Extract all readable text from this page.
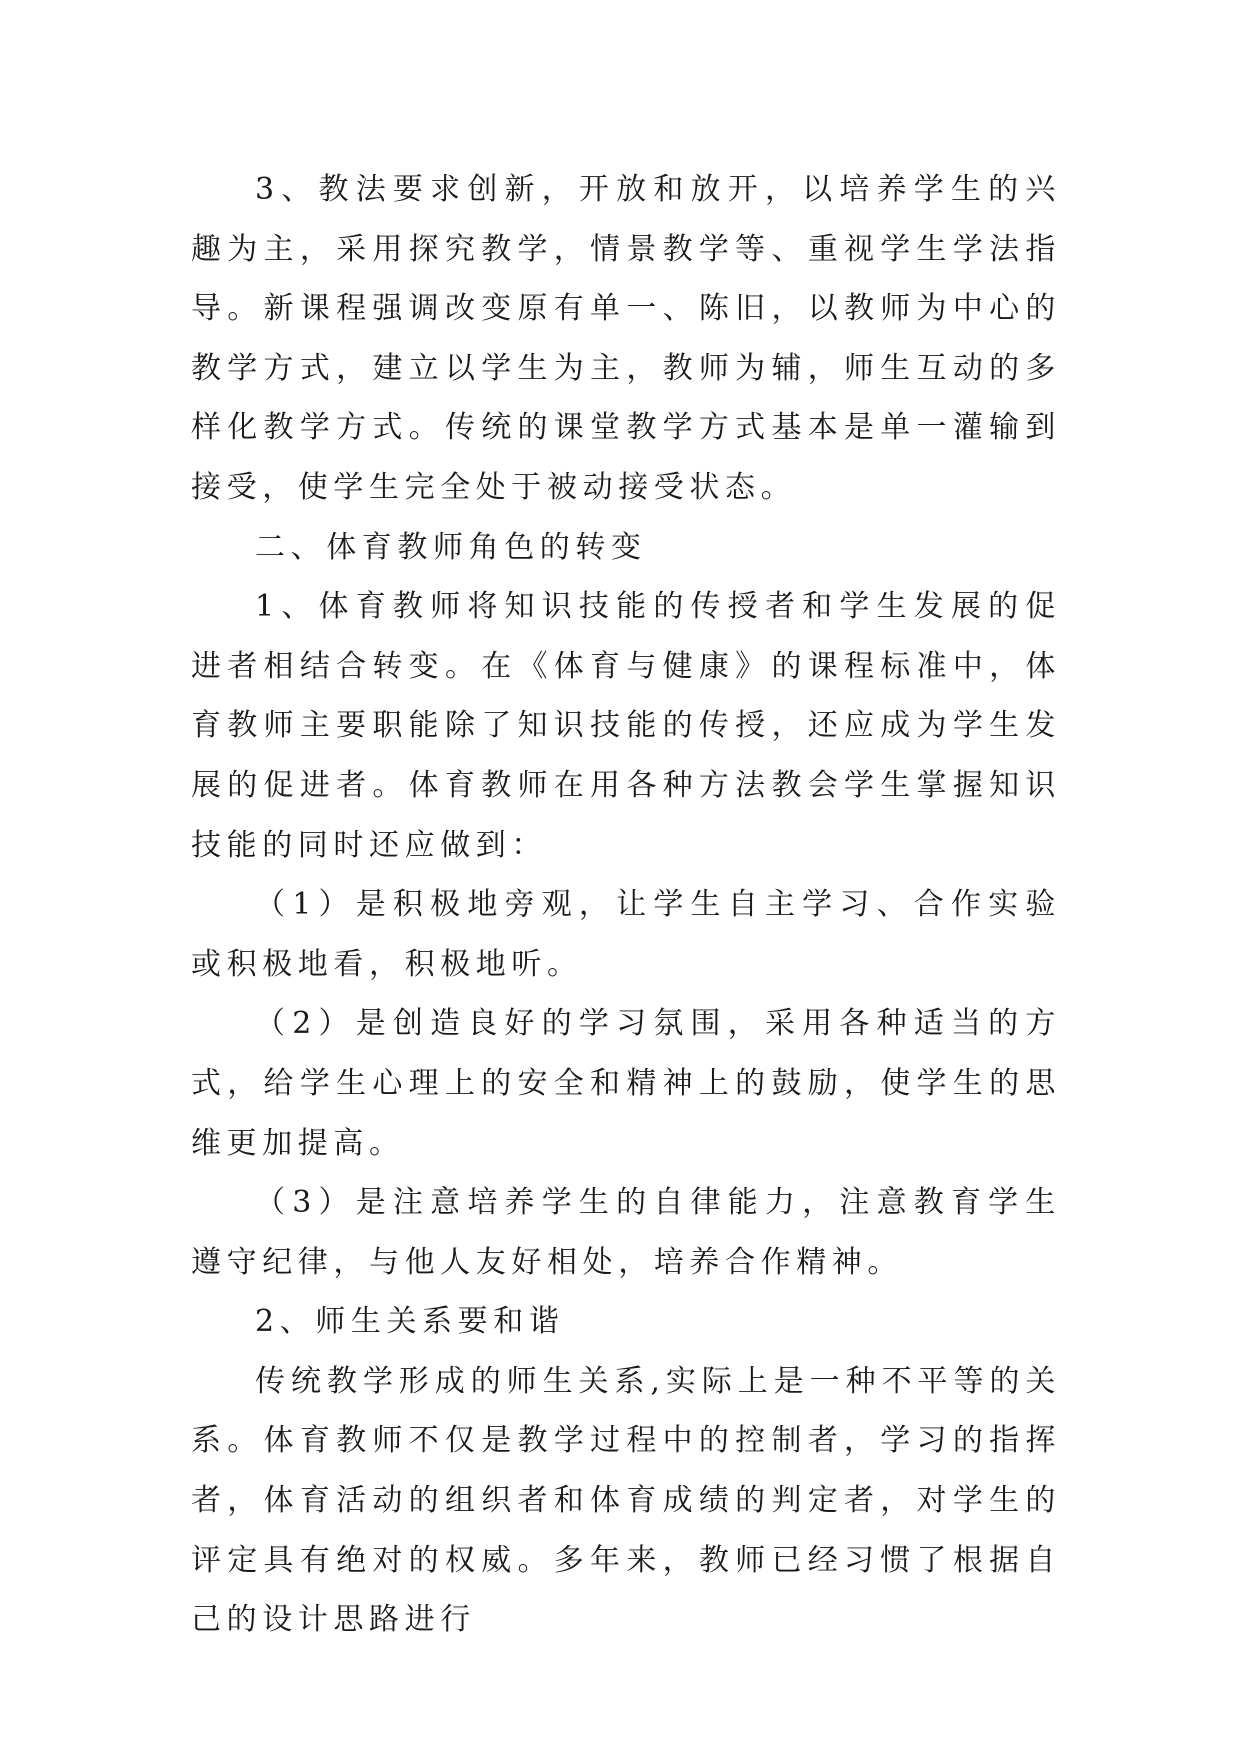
3、教法要求创新，开放和放开，以培养学生的兴趣为主，采用探究教学，情景教学等、重视学生学法指导。新课程强调改变原有单一、陈旧，以教师为中心的教学方式，建立以学生为主，教师为辅，师生互动的多样化教学方式。传统的课堂教学方式基本是单一灌输到接受，使学生完全处于被动接受状态。

二、体育教师角色的转变

1、体育教师将知识技能的传授者和学生发展的促进者相结合转变。在《体育与健康》的课程标准中，体育教师主要职能除了知识技能的传授，还应成为学生发展的促进者。体育教师在用各种方法教会学生掌握知识技能的同时还应做到：

（1）是积极地旁观，让学生自主学习、合作实验或积极地看，积极地听。

（2）是创造良好的学习氛围，采用各种适当的方式，给学生心理上的安全和精神上的鼓励，使学生的思维更加提高。

（3）是注意培养学生的自律能力，注意教育学生遵守纪律，与他人友好相处，培养合作精神。

2、师生关系要和谐

传统教学形成的师生关系,实际上是一种不平等的关系。体育教师不仅是教学过程中的控制者，学习的指挥者，体育活动的组织者和体育成绩的判定者，对学生的评定具有绝对的权威。多年来，教师已经习惯了根据自己的设计思路进行
